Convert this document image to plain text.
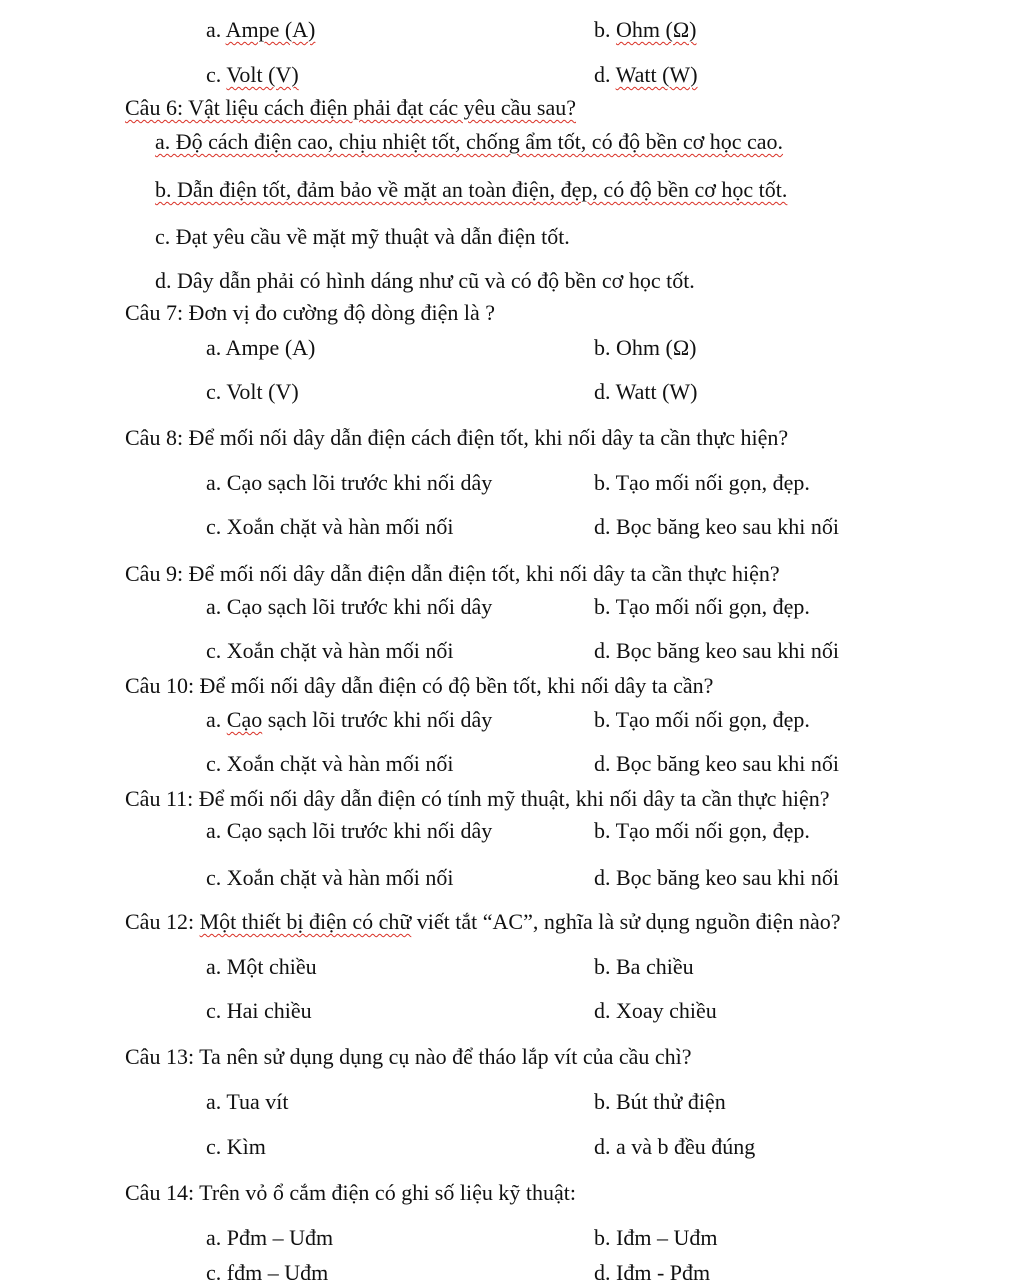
a. Ampe (A)	b. Ohm (Ω)
c. Volt (V)	d. Watt (W)
Câu 6: Vật liệu cách điện phải đạt các yêu cầu sau?
a. Độ cách điện cao, chịu nhiệt tốt, chống ẩm tốt, có độ bền cơ học cao.
b. Dẫn điện tốt, đảm bảo về mặt an toàn điện, đẹp, có độ bền cơ học tốt.
c. Đạt yêu cầu về mặt mỹ thuật và dẫn điện tốt.
d. Dây dẫn phải có hình dáng như cũ và có độ bền cơ học tốt.
Câu 7: Đơn vị đo cường độ dòng điện là ?
a. Ampe (A)	b. Ohm (Ω)
c. Volt (V)	d. Watt (W)
Câu 8: Để mối nối dây dẫn điện cách điện tốt, khi nối dây ta cần thực hiện?
a. Cạo sạch lõi trước khi nối dây	b. Tạo mối nối gọn, đẹp.
c. Xoắn chặt và hàn mối nối	d. Bọc băng keo sau khi nối
Câu 9: Để mối nối dây dẫn điện dẫn điện tốt, khi nối dây ta cần thực hiện?
a. Cạo sạch lõi trước khi nối dây	b. Tạo mối nối gọn, đẹp.
c. Xoắn chặt và hàn mối nối	d. Bọc băng keo sau khi nối
Câu 10: Để mối nối dây dẫn điện có độ bền tốt, khi nối dây ta cần?
a. Cạo sạch lõi trước khi nối dây	b. Tạo mối nối gọn, đẹp.
c. Xoắn chặt và hàn mối nối	d. Bọc băng keo sau khi nối
Câu 11: Để mối nối dây dẫn điện có tính mỹ thuật, khi nối dây ta cần thực hiện?
a. Cạo sạch lõi trước khi nối dây	b. Tạo mối nối gọn, đẹp.
c. Xoắn chặt và hàn mối nối	d. Bọc băng keo sau khi nối
Câu 12: Một thiết bị điện có chữ viết tắt “AC”, nghĩa là sử dụng nguồn điện nào?
a. Một chiều	b. Ba chiều
c. Hai chiều	d. Xoay chiều
Câu 13: Ta nên sử dụng dụng cụ nào để tháo lắp vít của cầu chì?
a. Tua vít	b. Bút thử điện
c. Kìm	d. a và b đều đúng
Câu 14: Trên vỏ ổ cắm điện có ghi số liệu kỹ thuật:
a. Pđm – Uđm	b. Iđm – Uđm
c. fđm – Uđm	d. Iđm - Pđm
